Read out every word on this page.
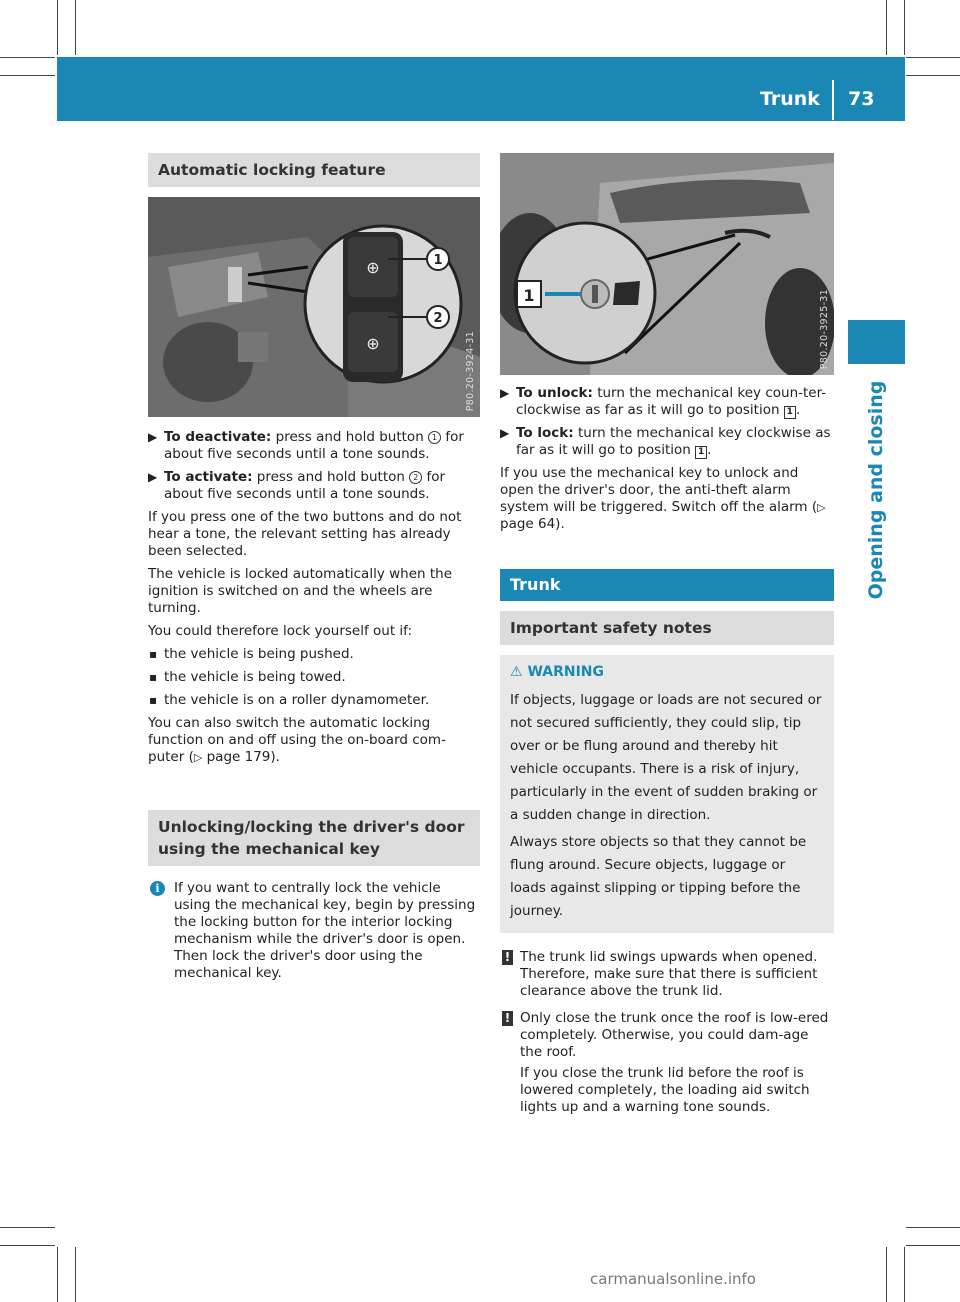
Trunk 73
Opening and closing
Automatic locking feature
⊕
⊕
1
2
P80.20-3924-31
▶ To deactivate: press and hold button 1 for about five seconds until a tone sounds.
▶ To activate: press and hold button 2 for about five seconds until a tone sounds.

If you press one of the two buttons and do not hear a tone, the relevant setting has already been selected.

The vehicle is locked automatically when the ignition is switched on and the wheels are turning.

You could therefore lock yourself out if:

▪ the vehicle is being pushed.
▪ the vehicle is being towed.
▪ the vehicle is on a roller dynamometer.

You can also switch the automatic locking function on and off using the on-board com-puter (▷ page 179).

Unlocking/locking the driver's door using the mechanical key
i	If you want to centrally lock the vehicle using the mechanical key, begin by pressing the locking button for the interior locking mechanism while the driver's door is open. Then lock the driver's door using the mechanical key.
1	P80.20-3925-31
▶ To unlock: turn the mechanical key coun-ter-clockwise as far as it will go to position 1 .
▶ To lock: turn the mechanical key clockwise as far as it will go to position 1 .

If you use the mechanical key to unlock and open the driver's door, the anti-theft alarm system will be triggered. Switch off the alarm (▷ page 64).

Trunk
Important safety notes
⚠ WARNING

If objects, luggage or loads are not secured or not secured sufficiently, they could slip, tip over or be flung around and thereby hit vehicle occupants. There is a risk of injury, particularly in the event of sudden braking or a sudden change in direction.

Always store objects so that they cannot be flung around. Secure objects, luggage or loads against slipping or tipping before the journey.

! The trunk lid swings upwards when opened. Therefore, make sure that there is sufficient clearance above the trunk lid.
! Only close the trunk once the roof is low-ered completely. Otherwise, you could dam-age the roof.

If you close the trunk lid before the roof is lowered completely, the loading aid switch lights up and a warning tone sounds.

carmanualsonline.info
